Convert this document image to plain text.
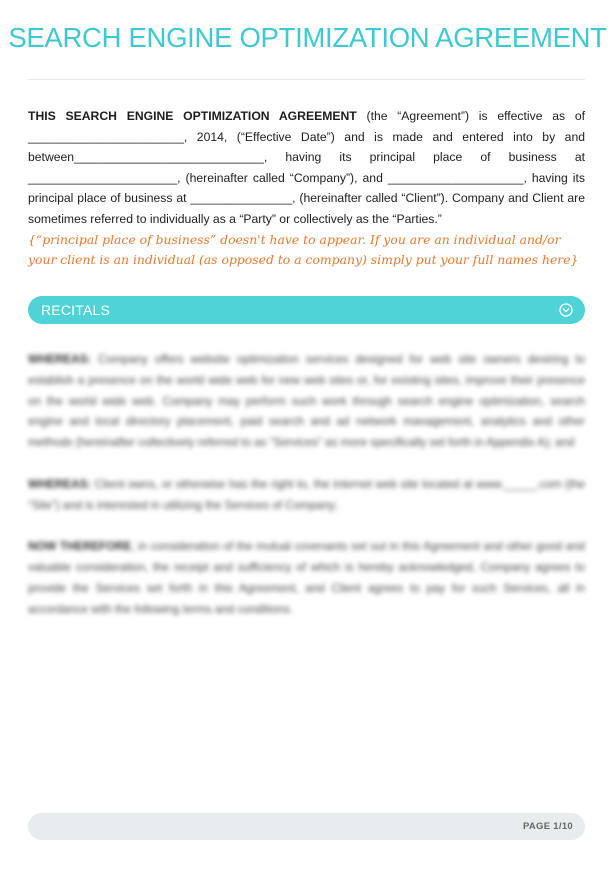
SEARCH ENGINE OPTIMIZATION AGREEMENT
THIS SEARCH ENGINE OPTIMIZATION AGREEMENT (the “Agreement”) is effective as of _______________________, 2014, (“Effective Date”) and is made and entered into by and between____________________________, having its principal place of business at ______________________, (hereinafter called “Company”), and ____________________, having its principal place of business at _______________, (hereinafter called “Client”). Company and Client are sometimes referred to individually as a “Party” or collectively as the “Parties.”
{“principal place of business” doesn't have to appear. If you are an individual and/or your client is an individual (as opposed to a company) simply put your full names here}
RECITALS

WHEREAS: Company offers website optimization services designed for web site owners desiring to establish a presence on the world wide web for new web sites or, for existing sites, improve their presence on the world wide web. Company may perform such work through search engine optimization, search engine and local directory placement, paid search and ad network management, analytics and other methods (hereinafter collectively referred to as “Services” as more specifically set forth in Appendix A); and

WHEREAS: Client owns, or otherwise has the right to, the internet web site located at www._____.com (the “Site”) and is interested in utilizing the Services of Company;

NOW THEREFORE, in consideration of the mutual covenants set out in this Agreement and other good and valuable consideration, the receipt and sufficiency of which is hereby acknowledged, Company agrees to provide the Services set forth in this Agreement, and Client agrees to pay for such Services, all in accordance with the following terms and conditions.

PAGE 1/10
